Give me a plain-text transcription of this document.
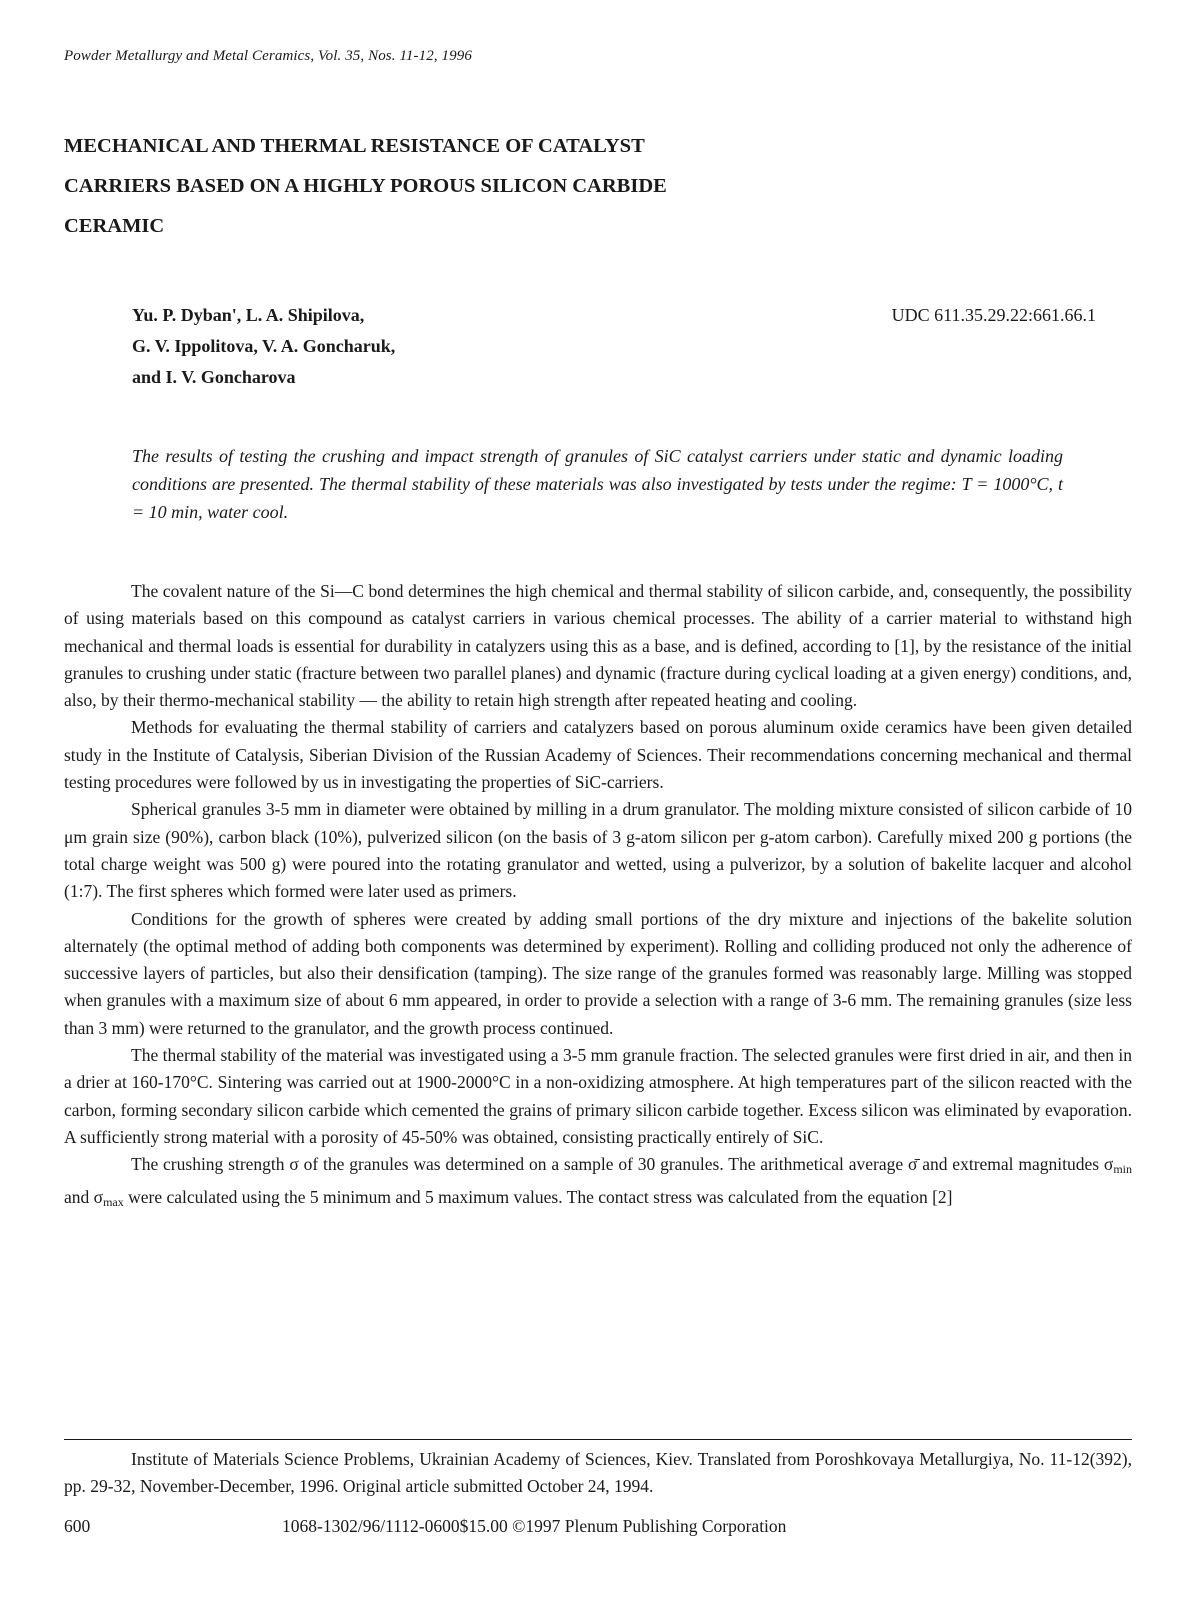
Powder Metallurgy and Metal Ceramics, Vol. 35, Nos. 11-12, 1996
MECHANICAL AND THERMAL RESISTANCE OF CATALYST
CARRIERS BASED ON A HIGHLY POROUS SILICON CARBIDE
CERAMIC
Yu. P. Dyban', L. A. Shipilova,
G. V. Ippolitova, V. A. Goncharuk,
and I. V. Goncharova
UDC 611.35.29.22:661.66.1
The results of testing the crushing and impact strength of granules of SiC catalyst carriers under static and dynamic loading conditions are presented. The thermal stability of these materials was also investigated by tests under the regime: T = 1000°C, t = 10 min, water cool.

The covalent nature of the Si—C bond determines the high chemical and thermal stability of silicon carbide, and, consequently, the possibility of using materials based on this compound as catalyst carriers in various chemical processes. The ability of a carrier material to withstand high mechanical and thermal loads is essential for durability in catalyzers using this as a base, and is defined, according to [1], by the resistance of the initial granules to crushing under static (fracture between two parallel planes) and dynamic (fracture during cyclical loading at a given energy) conditions, and, also, by their thermo-mechanical stability — the ability to retain high strength after repeated heating and cooling.

Methods for evaluating the thermal stability of carriers and catalyzers based on porous aluminum oxide ceramics have been given detailed study in the Institute of Catalysis, Siberian Division of the Russian Academy of Sciences. Their recommendations concerning mechanical and thermal testing procedures were followed by us in investigating the properties of SiC-carriers.

Spherical granules 3-5 mm in diameter were obtained by milling in a drum granulator. The molding mixture consisted of silicon carbide of 10 μm grain size (90%), carbon black (10%), pulverized silicon (on the basis of 3 g-atom silicon per g-atom carbon). Carefully mixed 200 g portions (the total charge weight was 500 g) were poured into the rotating granulator and wetted, using a pulverizor, by a solution of bakelite lacquer and alcohol (1:7). The first spheres which formed were later used as primers.

Conditions for the growth of spheres were created by adding small portions of the dry mixture and injections of the bakelite solution alternately (the optimal method of adding both components was determined by experiment). Rolling and colliding produced not only the adherence of successive layers of particles, but also their densification (tamping). The size range of the granules formed was reasonably large. Milling was stopped when granules with a maximum size of about 6 mm appeared, in order to provide a selection with a range of 3-6 mm. The remaining granules (size less than 3 mm) were returned to the granulator, and the growth process continued.

The thermal stability of the material was investigated using a 3-5 mm granule fraction. The selected granules were first dried in air, and then in a drier at 160-170°C. Sintering was carried out at 1900-2000°C in a non-oxidizing atmosphere. At high temperatures part of the silicon reacted with the carbon, forming secondary silicon carbide which cemented the grains of primary silicon carbide together. Excess silicon was eliminated by evaporation. A sufficiently strong material with a porosity of 45-50% was obtained, consisting practically entirely of SiC.

The crushing strength σ of the granules was determined on a sample of 30 granules. The arithmetical average σ̄ and extremal magnitudes $\sigma_{min}$ and $\sigma_{max}$ were calculated using the 5 minimum and 5 maximum values. The contact stress was calculated from the equation [2]

Institute of Materials Science Problems, Ukrainian Academy of Sciences, Kiev. Translated from Poroshkovaya Metallurgiya, No. 11-12(392), pp. 29-32, November-December, 1996. Original article submitted October 24, 1994.

600	1068-1302/96/1112-0600$15.00 ©1997 Plenum Publishing Corporation
